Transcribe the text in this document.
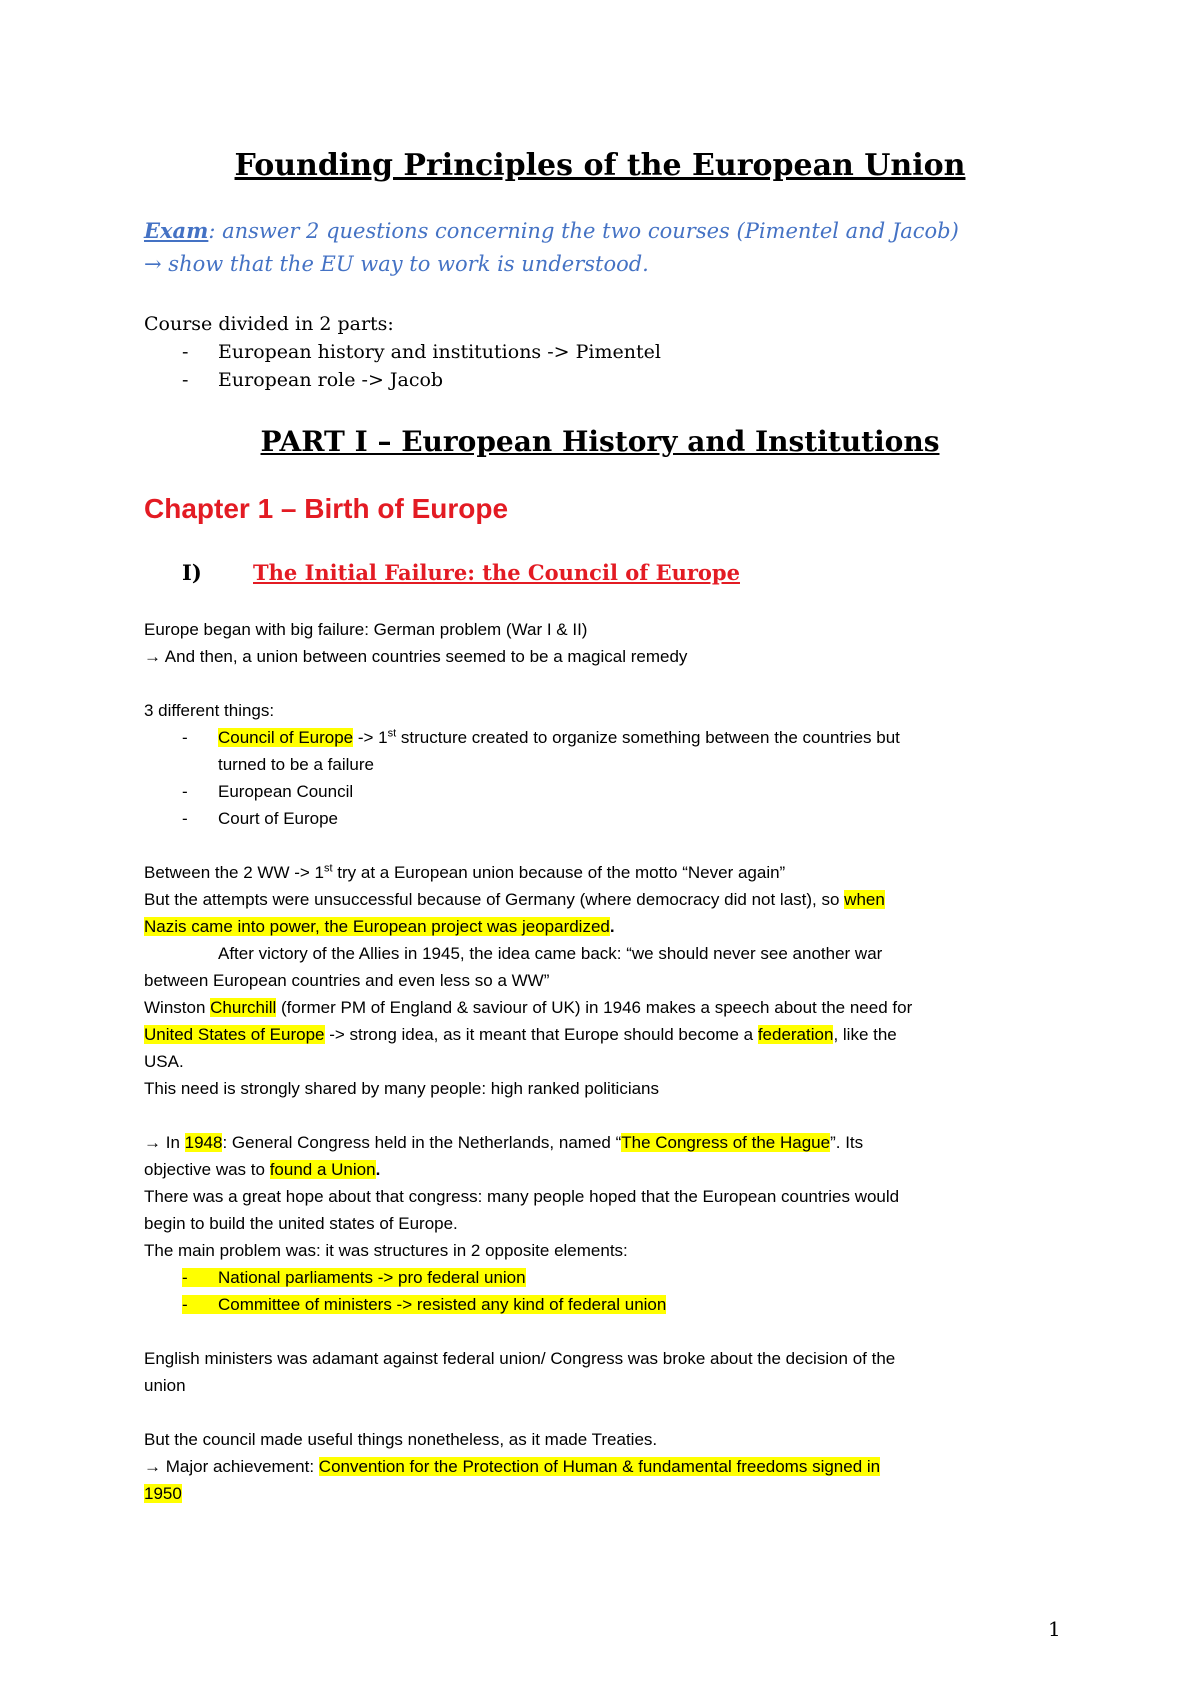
Founding Principles of the European Union
Exam: answer 2 questions concerning the two courses (Pimentel and Jacob)
→ show that the EU way to work is understood.
Course divided in 2 parts:
- European history and institutions -> Pimentel
- European role -> Jacob
PART I – European History and Institutions
Chapter 1 – Birth of Europe
I) The Initial Failure: the Council of Europe
Europe began with big failure: German problem (War I & II)
→ And then, a union between countries seemed to be a magical remedy
3 different things:
- Council of Europe -> 1st structure created to organize something between the countries but
turned to be a failure
- European Council
- Court of Europe
Between the 2 WW -> 1st try at a European union because of the motto “Never again”
But the attempts were unsuccessful because of Germany (where democracy did not last), so when
Nazis came into power, the European project was jeopardized.
After victory of the Allies in 1945, the idea came back: “we should never see another war
between European countries and even less so a WW”
Winston Churchill (former PM of England & saviour of UK) in 1946 makes a speech about the need for
United States of Europe -> strong idea, as it meant that Europe should become a federation, like the
USA.
This need is strongly shared by many people: high ranked politicians
→ In 1948: General Congress held in the Netherlands, named “The Congress of the Hague”. Its
objective was to found a Union.
There was a great hope about that congress: many people hoped that the European countries would
begin to build the united states of Europe.
The main problem was: it was structures in 2 opposite elements:
- National parliaments -> pro federal union
- Committee of ministers -> resisted any kind of federal union
English ministers was adamant against federal union/ Congress was broke about the decision of the
union
But the council made useful things nonetheless, as it made Treaties.
→ Major achievement: Convention for the Protection of Human & fundamental freedoms signed in
1950
1
